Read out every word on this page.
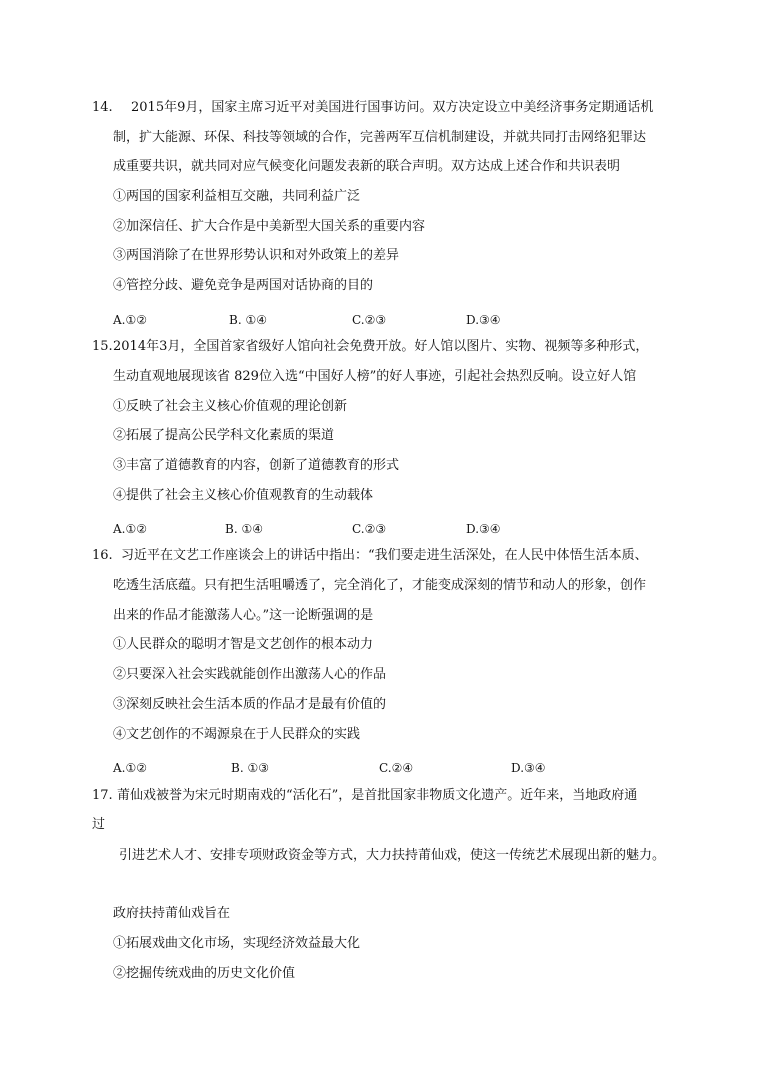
14. 2015年9月，国家主席习近平对美国进行国事访问。双方决定设立中美经济事务定期通话机
制，扩大能源、环保、科技等领域的合作，完善两军互信机制建设，并就共同打击网络犯罪达
成重要共识，就共同对应气候变化问题发表新的联合声明。双方达成上述合作和共识表明
①两国的国家利益相互交融，共同利益广泛
②加深信任、扩大合作是中美新型大国关系的重要内容
③两国消除了在世界形势认识和对外政策上的差异
④管控分歧、避免竞争是两国对话协商的目的
A.①②	B. ①④	C.②③	D.③④
15. 2014年3月，全国首家省级好人馆向社会免费开放。好人馆以图片、实物、视频等多种形式，
生动直观地展现该省 829位入选“中国好人榜”的好人事迹，引起社会热烈反响。设立好人馆
①反映了社会主义核心价值观的理论创新
②拓展了提高公民学科文化素质的渠道
③丰富了道德教育的内容，创新了道德教育的形式
④提供了社会主义核心价值观教育的生动载体
A.①②	B. ①④	C.②③	D.③④
16. 习近平在文艺工作座谈会上的讲话中指出：“我们要走进生活深处，在人民中体悟生活本质、
吃透生活底蕴。只有把生活咀嚼透了，完全消化了，才能变成深刻的情节和动人的形象，创作
出来的作品才能激荡人心。”这一论断强调的是
①人民群众的聪明才智是文艺创作的根本动力
②只要深入社会实践就能创作出激荡人心的作品
③深刻反映社会生活本质的作品才是最有价值的
④文艺创作的不竭源泉在于人民群众的实践
A.①②	B. ①③	C.②④	D.③④
17. 莆仙戏被誉为宋元时期南戏的“活化石”，是首批国家非物质文化遗产。近年来，当地政府通
过
引进艺术人才、安排专项财政资金等方式，大力扶持莆仙戏，使这一传统艺术展现出新的魅力。
政府扶持莆仙戏旨在
①拓展戏曲文化市场，实现经济效益最大化
②挖掘传统戏曲的历史文化价值
